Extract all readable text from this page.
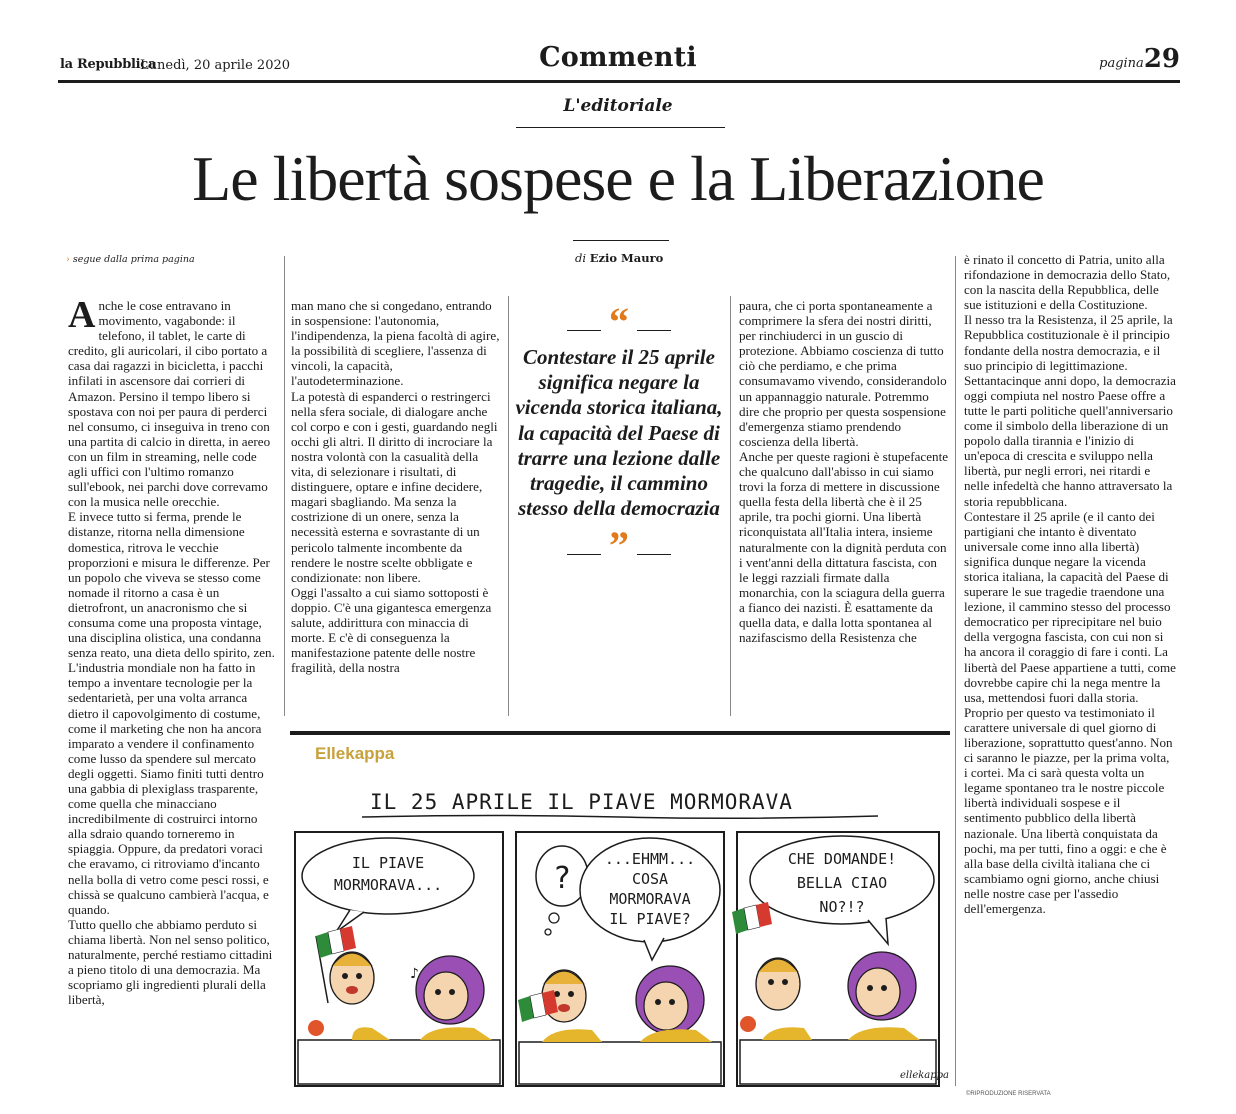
la Repubblica
Lunedì, 20 aprile 2020	Commenti	pagina29
L'editoriale
Le libertà sospese e la Liberazione
di Ezio Mauro
› segue dalla prima pagina

Anche le cose entravano in movimento, vagabonde: il telefono, il tablet, le carte di credito, gli auricolari, il cibo portato a casa dai ragazzi in bicicletta, i pacchi infilati in ascensore dai corrieri di Amazon. Persino il tempo libero si spostava con noi per paura di perderci nel consumo, ci inseguiva in treno con una partita di calcio in diretta, in aereo con un film in streaming, nelle code agli uffici con l'ultimo romanzo sull'ebook, nei parchi dove correvamo con la musica nelle orecchie.

E invece tutto si ferma, prende le distanze, ritorna nella dimensione domestica, ritrova le vecchie proporzioni e misura le differenze. Per un popolo che viveva se stesso come nomade il ritorno a casa è un dietrofront, un anacronismo che si consuma come una proposta vintage, una disciplina olistica, una condanna senza reato, una dieta dello spirito, zen. L'industria mondiale non ha fatto in tempo a inventare tecnologie per la sedentarietà, per una volta arranca dietro il capovolgimento di costume, come il marketing che non ha ancora imparato a vendere il confinamento come lusso da spendere sul mercato degli oggetti. Siamo finiti tutti dentro una gabbia di plexiglass trasparente, come quella che minacciano incredibilmente di costruirci intorno alla sdraio quando torneremo in spiaggia. Oppure, da predatori voraci che eravamo, ci ritroviamo d'incanto nella bolla di vetro come pesci rossi, e chissà se qualcuno cambierà l'acqua, e quando.

Tutto quello che abbiamo perduto si chiama libertà. Non nel senso politico, naturalmente, perché restiamo cittadini a pieno titolo di una democrazia. Ma scopriamo gli ingredienti plurali della libertà,

man mano che si congedano, entrando in sospensione: l'autonomia, l'indipendenza, la piena facoltà di agire, la possibilità di scegliere, l'assenza di vincoli, la capacità, l'autodeterminazione.

La potestà di espanderci o restringerci nella sfera sociale, di dialogare anche col corpo e con i gesti, guardando negli occhi gli altri. Il diritto di incrociare la nostra volontà con la casualità della vita, di selezionare i risultati, di distinguere, optare e infine decidere, magari sbagliando. Ma senza la costrizione di un onere, senza la necessità esterna e sovrastante di un pericolo talmente incombente da rendere le nostre scelte obbligate e condizionate: non libere.

Oggi l'assalto a cui siamo sottoposti è doppio. C'è una gigantesca emergenza salute, addirittura con minaccia di morte. E c'è di conseguenza la manifestazione patente delle nostre fragilità, della nostra

“
Contestare il 25 aprile significa negare la vicenda storica italiana, la capacità del Paese di trarre una lezione dalle tragedie, il cammino stesso della democrazia
”

paura, che ci porta spontaneamente a comprimere la sfera dei nostri diritti, per rinchiuderci in un guscio di protezione. Abbiamo coscienza di tutto ciò che perdiamo, e che prima consumavamo vivendo, considerandolo un appannaggio naturale. Potremmo dire che proprio per questa sospensione d'emergenza stiamo prendendo coscienza della libertà.

Anche per queste ragioni è stupefacente che qualcuno dall'abisso in cui siamo trovi la forza di mettere in discussione quella festa della libertà che è il 25 aprile, tra pochi giorni. Una libertà riconquistata all'Italia intera, insieme naturalmente con la dignità perduta con i vent'anni della dittatura fascista, con le leggi razziali firmate dalla monarchia, con la sciagura della guerra a fianco dei nazisti. È esattamente da quella data, e dalla lotta spontanea al nazifascismo della Resistenza che

è rinato il concetto di Patria, unito alla rifondazione in democrazia dello Stato, con la nascita della Repubblica, delle sue istituzioni e della Costituzione.

Il nesso tra la Resistenza, il 25 aprile, la Repubblica costituzionale è il principio fondante della nostra democrazia, e il suo principio di legittimazione. Settantacinque anni dopo, la democrazia oggi compiuta nel nostro Paese offre a tutte le parti politiche quell'anniversario come il simbolo della liberazione di un popolo dalla tirannia e l'inizio di un'epoca di crescita e sviluppo nella libertà, pur negli errori, nei ritardi e nelle infedeltà che hanno attraversato la storia repubblicana.

Contestare il 25 aprile (e il canto dei partigiani che intanto è diventato universale come inno alla libertà) significa dunque negare la vicenda storica italiana, la capacità del Paese di superare le sue tragedie traendone una lezione, il cammino stesso del processo democratico per riprecipitare nel buio della vergogna fascista, con cui non si ha ancora il coraggio di fare i conti. La libertà del Paese appartiene a tutti, come dovrebbe capire chi la nega mentre la usa, mettendosi fuori dalla storia.

Proprio per questo va testimoniato il carattere universale di quel giorno di liberazione, soprattutto quest'anno. Non ci saranno le piazze, per la prima volta, i cortei. Ma ci sarà questa volta un legame spontaneo tra le nostre piccole libertà individuali sospese e il sentimento pubblico della libertà nazionale. Una libertà conquistata da pochi, ma per tutti, fino a oggi: e che è alla base della civiltà italiana che ci scambiamo ogni giorno, anche chiusi nelle nostre case per l'assedio dell'emergenza.

©RIPRODUZIONE RISERVATA
Ellekappa
IL 25 APRILE IL PIAVE MORMORAVA
IL PIAVE
MORMORAVA...
♪
?
...EHMM...
COSA
MORMORAVA
IL PIAVE?
CHE DOMANDE!
BELLA CIAO
NO?!?
ellekappa
